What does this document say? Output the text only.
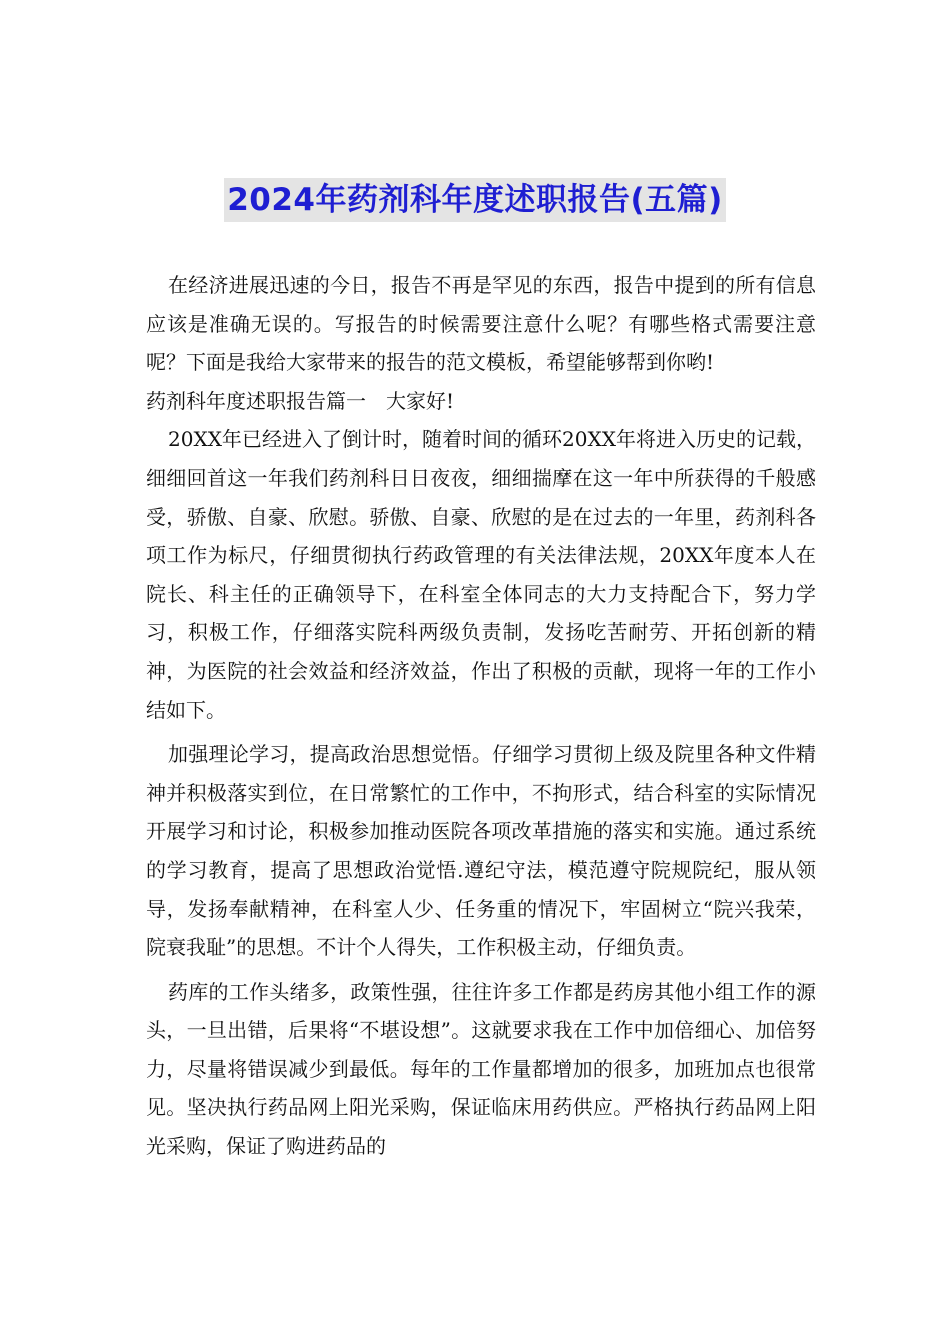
2024年药剂科年度述职报告(五篇)

在经济进展迅速的今日，报告不再是罕见的东西，报告中提到的所有信息应该是准确无误的。写报告的时候需要注意什么呢？有哪些格式需要注意呢？下面是我给大家带来的报告的范文模板，希望能够帮到你哟!

药剂科年度述职报告篇一　大家好!

20XX年已经进入了倒计时，随着时间的循环20XX年将进入历史的记载，细细回首这一年我们药剂科日日夜夜，细细揣摩在这一年中所获得的千般感受，骄傲、自豪、欣慰。骄傲、自豪、欣慰的是在过去的一年里，药剂科各项工作为标尺，仔细贯彻执行药政管理的有关法律法规，20XX年度本人在院长、科主任的正确领导下，在科室全体同志的大力支持配合下，努力学习，积极工作，仔细落实院科两级负责制，发扬吃苦耐劳、开拓创新的精神，为医院的社会效益和经济效益，作出了积极的贡献，现将一年的工作小结如下。

加强理论学习，提高政治思想觉悟。仔细学习贯彻上级及院里各种文件精神并积极落实到位，在日常繁忙的工作中，不拘形式，结合科室的实际情况开展学习和讨论，积极参加推动医院各项改革措施的落实和实施。通过系统的学习教育，提高了思想政治觉悟.遵纪守法，模范遵守院规院纪，服从领导，发扬奉献精神，在科室人少、任务重的情况下，牢固树立“院兴我荣，院衰我耻”的思想。不计个人得失，工作积极主动，仔细负责。

药库的工作头绪多，政策性强，往往许多工作都是药房其他小组工作的源头，一旦出错，后果将“不堪设想”。这就要求我在工作中加倍细心、加倍努力，尽量将错误减少到最低。每年的工作量都增加的很多，加班加点也很常见。坚决执行药品网上阳光采购，保证临床用药供应。严格执行药品网上阳光采购，保证了购进药品的
